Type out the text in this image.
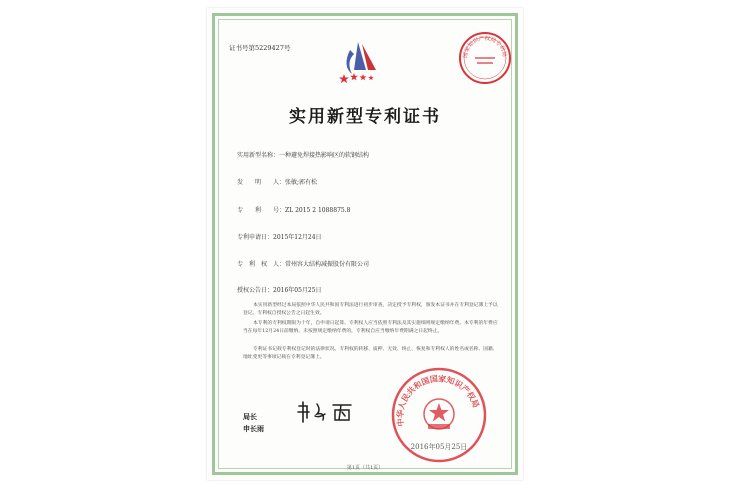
证书号第5229427号
国家知识产权局专利局
实用新型专利证书
实用新型名称：一种避免焊接热影响区的软钢结构
发　　明　　人：张敏;郭有松
专　　利　　号：ZL 2015 2 1088875.8
专利申请日：2015年12月24日
专　利　权　人：常州容大结构减振股份有限公司
授权公告日：2016年05月25日
本实用新型经过本局依照中华人民共和国专利法进行初步审查，决定授予专利权，颁发本证书并在专利登记簿上予以登记。专利权自授权公告之日起生效。
本专利的专利权期限为十年，自申请日起算。专利权人应当依照专利法及其实施细则规定缴纳年费。本专利的年费应当在每年12月24日前缴纳。未按照规定缴纳年费的，专利权自应当缴纳年费期满之日起终止。
专利证书记载专利权登记时的法律状况。专利权的转移、质押、无效、终止、恢复和专利权人的姓名或名称、国籍、地址变更等事项记载在专利登记簿上。
局长
申长雨
中华人民共和国国家知识产权局
2016年05月25日
第1页（共1页）
